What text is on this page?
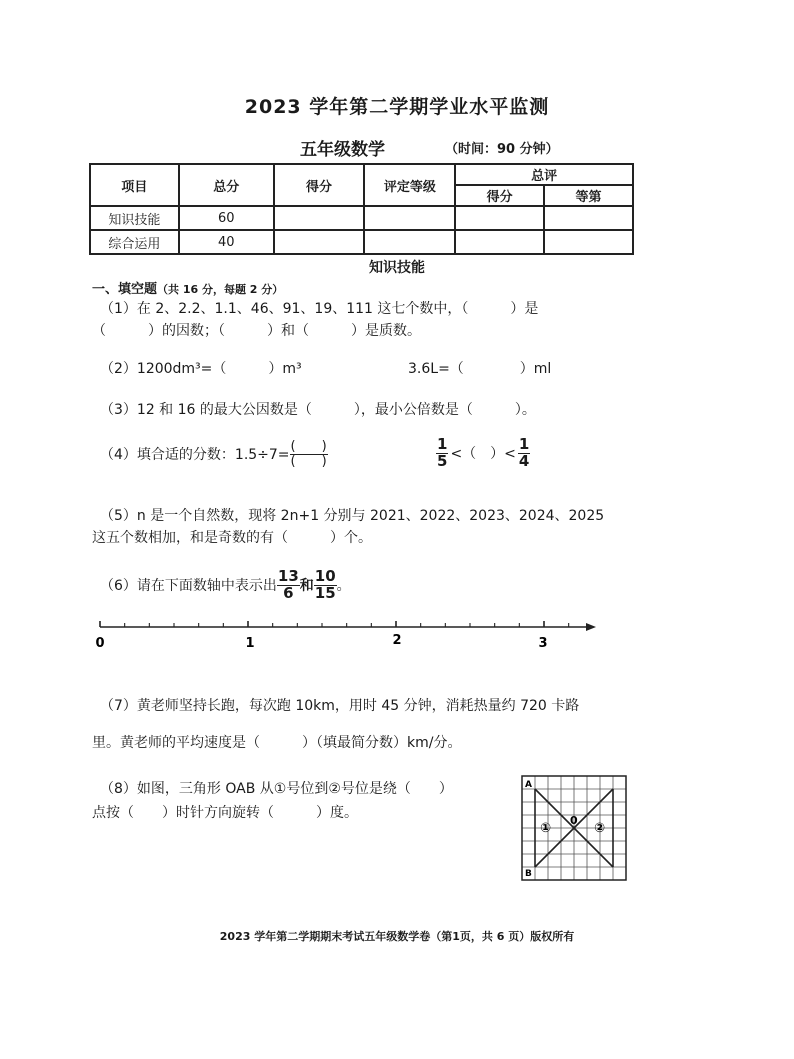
2023 学年第二学期学业水平监测
五年级数学	（时间：90 分钟）
项目	总分	得分	评定等级	总评	
				得分	等第
知识技能	60				
综合运用	40				
知识技能
一、填空题（共 16 分，每题 2 分）
（1）在 2、2.2、1.1、46、91、19、111 这七个数中，（　　　）是
（　　　）的因数；（　　　）和（　　　）是质数。
（2）1200dm³=（　　　）m³	3.6L=（　　　　）ml
（3）12 和 16 的最大公因数是（　　　），最小公倍数是（　　　）。
（4）填合适的分数：$1.5\div 7= \frac{( )}{( )}$	$\frac{1}{5}$ <（　）< $\frac{1}{4}$
（5）n 是一个自然数，现将 2n+1 分别与 2021、2022、2023、2024、2025
这五个数相加，和是奇数的有（　　　）个。
（6）请在下面数轴中表示出 $\frac{13}{6}$ 和 $\frac{10}{15}$ 。
0	1	2	3
（7）黄老师坚持长跑，每次跑 10km，用时 45 分钟，消耗热量约 720 卡路
里。黄老师的平均速度是（　　　）（填最简分数）km/分。
（8）如图，三角形 OAB 从①号位到②号位是绕（　　）
点按（　　）时针方向旋转（　　　）度。
A
B
0
①	②
2023 学年第二学期期末考试五年级数学卷（第1页，共 6 页）版权所有
